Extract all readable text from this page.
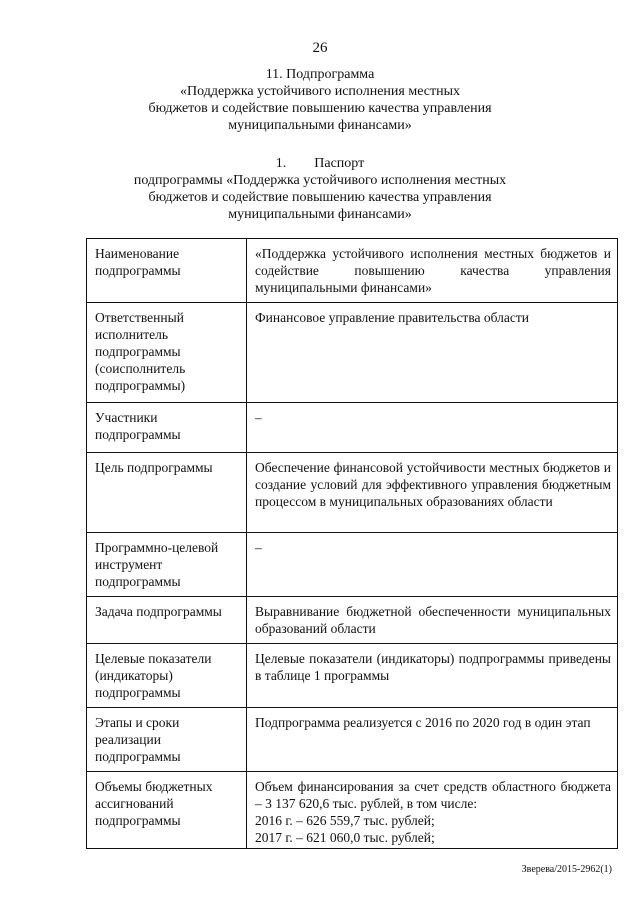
26
11. Подпрограмма
«Поддержка устойчивого исполнения местных
бюджетов и содействие повышению качества управления
муниципальными финансами»
1. Паспорт
подпрограммы «Поддержка устойчивого исполнения местных
бюджетов и содействие повышению качества управления
муниципальными финансами»
Наименование подпрограммы	«Поддержка устойчивого исполнения местных бюджетов и содействие повышению качества управления муниципальными финансами»
Ответственный исполнитель подпрограммы (соисполнитель подпрограммы)	Финансовое управление правительства области
Участники подпрограммы	–
Цель подпрограммы	Обеспечение финансовой устойчивости местных бюджетов и создание условий для эффективного управления бюджетным процессом в муниципальных образованиях области
Программно-целевой инструмент подпрограммы	–
Задача подпрограммы	Выравнивание бюджетной обеспеченности муниципальных образований области
Целевые показатели (индикаторы) подпрограммы	Целевые показатели (индикаторы) подпрограммы приведены в таблице 1 программы
Этапы и сроки реализации подпрограммы	Подпрограмма реализуется с 2016 по 2020 год в один этап
Объемы бюджетных ассигнований подпрограммы	Объем финансирования за счет средств областного бюджета – 3 137 620,6 тыс. рублей, в том числе:
2016 г. – 626 559,7 тыс. рублей;
2017 г. – 621 060,0 тыс. рублей;
Зверева/2015-2962(1)
